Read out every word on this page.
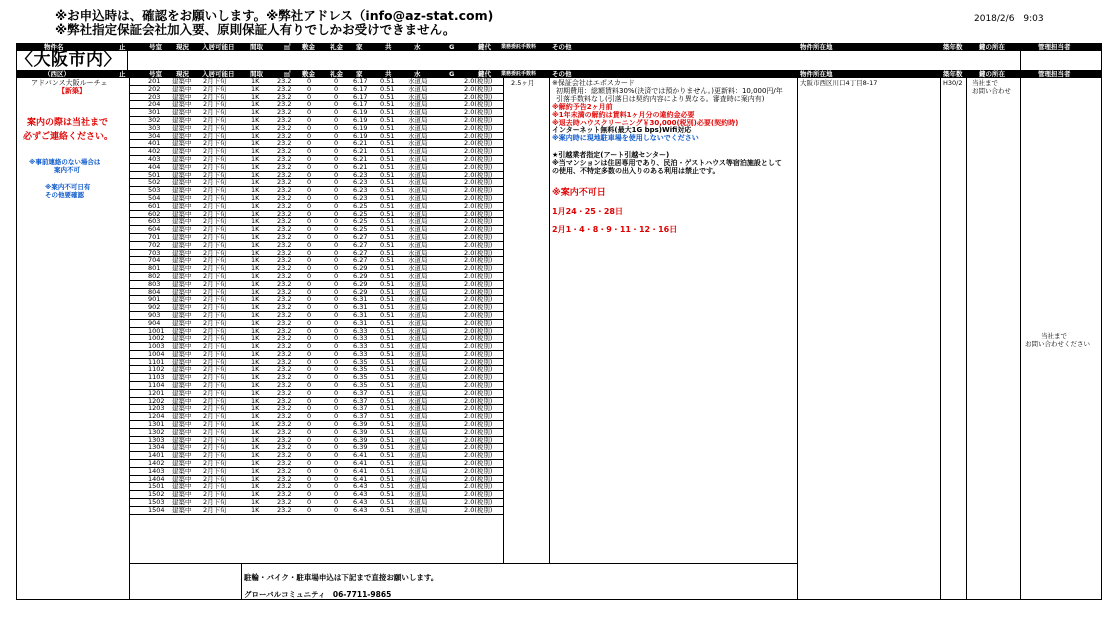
※お申込時は、確認をお願いします。※弊社アドレス（info@az-stat.com)
※弊社指定保証会社加入要、原則保証人有りでしかお受けできません。
2018/2/6　9:03
物件名	止	号室 現況 入居可能日 間取	㎡ 敷金 礼金 家	共	水	G	鍵代 業務委託手数料 その他	物件所在地	築年数	鍵の所在	管理担当者
〈大阪市内〉
（西区）	止	号室 現況 入居可能日 間取	㎡ 敷金 礼金 家	共	水	G	鍵代 業務委託手数料 その他	物件所在地	築年数	鍵の所在	管理担当者
アドバンス大阪ルーチェ
【新築】
案内の際は当社まで
必ずご連絡ください。
※事前連絡のない場合は
案内不可
※案内不可日有
その他要確認
201 建築中 2月下旬	1K	23.2 0	0 6.17 0.51 水道局	2.0(税別)
202 建築中 2月下旬	1K	23.2 0	0 6.17 0.51 水道局	2.0(税別)
203 建築中 2月下旬	1K	23.2 0	0 6.17 0.51 水道局	2.0(税別)
204 建築中 2月下旬	1K	23.2 0	0 6.17 0.51 水道局	2.0(税別)
301 建築中 2月下旬	1K	23.2 0	0 6.19 0.51 水道局	2.0(税別)
302 建築中 2月下旬	1K	23.2 0	0 6.19 0.51 水道局	2.0(税別)
303 建築中 2月下旬	1K	23.2 0	0 6.19 0.51 水道局	2.0(税別)
304 建築中 2月下旬	1K	23.2 0	0 6.19 0.51 水道局	2.0(税別)
401 建築中 2月下旬	1K	23.2 0	0 6.21 0.51 水道局	2.0(税別)
402 建築中 2月下旬	1K	23.2 0	0 6.21 0.51 水道局	2.0(税別)
403 建築中 2月下旬	1K	23.2 0	0 6.21 0.51 水道局	2.0(税別)
404 建築中 2月下旬	1K	23.2 0	0 6.21 0.51 水道局	2.0(税別)
501 建築中 2月下旬	1K	23.2 0	0 6.23 0.51 水道局	2.0(税別)
502 建築中 2月下旬	1K	23.2 0	0 6.23 0.51 水道局	2.0(税別)
503 建築中 2月下旬	1K	23.2 0	0 6.23 0.51 水道局	2.0(税別)
504 建築中 2月下旬	1K	23.2 0	0 6.23 0.51 水道局	2.0(税別)
601 建築中 2月下旬	1K	23.2 0	0 6.25 0.51 水道局	2.0(税別)
602 建築中 2月下旬	1K	23.2 0	0 6.25 0.51 水道局	2.0(税別)
603 建築中 2月下旬	1K	23.2 0	0 6.25 0.51 水道局	2.0(税別)
604 建築中 2月下旬	1K	23.2 0	0 6.25 0.51 水道局	2.0(税別)
701 建築中 2月下旬	1K	23.2 0	0 6.27 0.51 水道局	2.0(税別)
702 建築中 2月下旬	1K	23.2 0	0 6.27 0.51 水道局	2.0(税別)
703 建築中 2月下旬	1K	23.2 0	0 6.27 0.51 水道局	2.0(税別)
704 建築中 2月下旬	1K	23.2 0	0 6.27 0.51 水道局	2.0(税別)
801 建築中 2月下旬	1K	23.2 0	0 6.29 0.51 水道局	2.0(税別)
802 建築中 2月下旬	1K	23.2 0	0 6.29 0.51 水道局	2.0(税別)
803 建築中 2月下旬	1K	23.2 0	0 6.29 0.51 水道局	2.0(税別)
804 建築中 2月下旬	1K	23.2 0	0 6.29 0.51 水道局	2.0(税別)
901 建築中 2月下旬	1K	23.2 0	0 6.31 0.51 水道局	2.0(税別)
902 建築中 2月下旬	1K	23.2 0	0 6.31 0.51 水道局	2.0(税別)
903 建築中 2月下旬	1K	23.2 0	0 6.31 0.51 水道局	2.0(税別)
904 建築中 2月下旬	1K	23.2 0	0 6.31 0.51 水道局	2.0(税別)
1001 建築中 2月下旬	1K	23.2 0	0 6.33 0.51 水道局	2.0(税別)
1002 建築中 2月下旬	1K	23.2 0	0 6.33 0.51 水道局	2.0(税別)
1003 建築中 2月下旬	1K	23.2 0	0 6.33 0.51 水道局	2.0(税別)
1004 建築中 2月下旬	1K	23.2 0	0 6.33 0.51 水道局	2.0(税別)
1101 建築中 2月下旬	1K	23.2 0	0 6.35 0.51 水道局	2.0(税別)
1102 建築中 2月下旬	1K	23.2 0	0 6.35 0.51 水道局	2.0(税別)
1103 建築中 2月下旬	1K	23.2 0	0 6.35 0.51 水道局	2.0(税別)
1104 建築中 2月下旬	1K	23.2 0	0 6.35 0.51 水道局	2.0(税別)
1201 建築中 2月下旬	1K	23.2 0	0 6.37 0.51 水道局	2.0(税別)
1202 建築中 2月下旬	1K	23.2 0	0 6.37 0.51 水道局	2.0(税別)
1203 建築中 2月下旬	1K	23.2 0	0 6.37 0.51 水道局	2.0(税別)
1204 建築中 2月下旬	1K	23.2 0	0 6.37 0.51 水道局	2.0(税別)
1301 建築中 2月下旬	1K	23.2 0	0 6.39 0.51 水道局	2.0(税別)
1302 建築中 2月下旬	1K	23.2 0	0 6.39 0.51 水道局	2.0(税別)
1303 建築中 2月下旬	1K	23.2 0	0 6.39 0.51 水道局	2.0(税別)
1304 建築中 2月下旬	1K	23.2 0	0 6.39 0.51 水道局	2.0(税別)
1401 建築中 2月下旬	1K	23.2 0	0 6.41 0.51 水道局	2.0(税別)
1402 建築中 2月下旬	1K	23.2 0	0 6.41 0.51 水道局	2.0(税別)
1403 建築中 2月下旬	1K	23.2 0	0 6.41 0.51 水道局	2.0(税別)
1404 建築中 2月下旬	1K	23.2 0	0 6.41 0.51 水道局	2.0(税別)
1501 建築中 2月下旬	1K	23.2 0	0 6.43 0.51 水道局	2.0(税別)
1502 建築中 2月下旬	1K	23.2 0	0 6.43 0.51 水道局	2.0(税別)
1503 建築中 2月下旬	1K	23.2 0	0 6.43 0.51 水道局	2.0(税別)
1504 建築中 2月下旬	1K	23.2 0	0 6.43 0.51 水道局	2.0(税別)
2.5ヶ月	※保証会社はエポスカード
初期費用：総額賃料30%(決済では預かりません。)更新料：10,000円/年
引落手数料なし(引落日は契約内容により異なる。審査時に案内有)
※解約予告2ヶ月前
※1年未満の解約は賃料1ヶ月分の違約金必要
※退去時ハウスクリーニング￥30,000(税別)必要(契約時)
インターネット無料(最大1G bps)Wifi対応
※案内時に現地駐車場を使用しないでください
★引越業者指定(アート引越センター)
※当マンションは住居専用であり、民泊・ゲストハウス等宿泊施設として
の使用、不特定多数の出入りのある利用は禁止です。
※案内不可日
1月24・25・28日
2月1・4・8・9・11・12・16日
大阪市西区川口4丁目8-17	H30/2 当社まで
お問い合わせ
当社まで
お問い合わせください
駐輪・バイク・駐車場申込は下記まで直接お願いします。
グローバルコミュニティ　06-7711-9865
